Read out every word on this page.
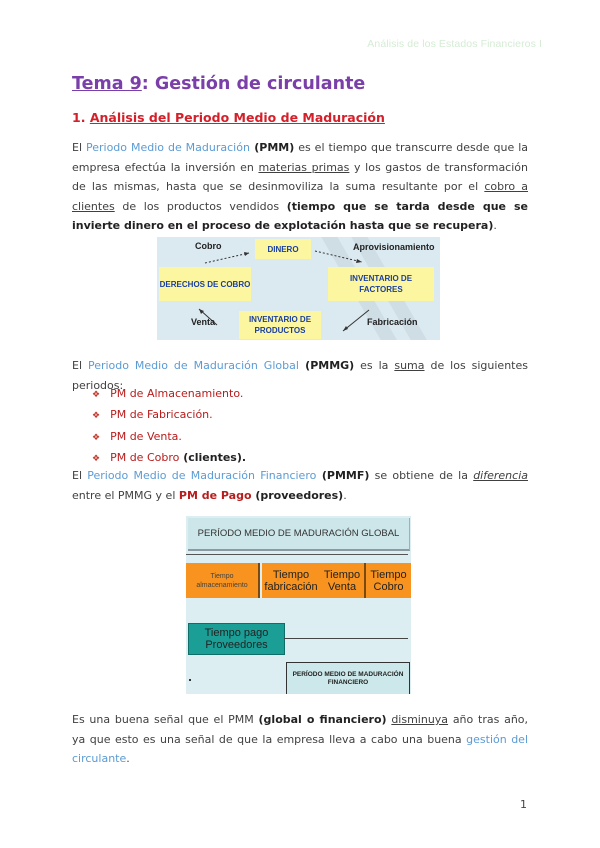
Análisis de los Estados Financieros I
Tema 9: Gestión de circulante
1. Análisis del Periodo Medio de Maduración

El Periodo Medio de Maduración (PMM) es el tiempo que transcurre desde que la empresa efectúa la inversión en materias primas y los gastos de transformación de las mismas, hasta que se desinmoviliza la suma resultante por el cobro a clientes de los productos vendidos (tiempo que se tarda desde que se invierte dinero en el proceso de explotación hasta que se recupera).

Cobro	Aprovisionamiento
Venta	Fabricación
DINERO
DERECHOS DE COBRO
INVENTARIO DE FACTORES
INVENTARIO DE PRODUCTOS

El Periodo Medio de Maduración Global (PMMG) es la suma de los siguientes periodos:

❖ PM de Almacenamiento.
❖ PM de Fabricación.
❖ PM de Venta.
❖ PM de Cobro (clientes).

El Periodo Medio de Maduración Financiero (PMMF) se obtiene de la diferencia entre el PMMG y el PM de Pago (proveedores).

PERÍODO MEDIO DE MADURACIÓN GLOBAL
Tiempo almacenamiento
Tiempo fabricación
Tiempo Venta
Tiempo Cobro
Tiempo pago Proveedores
PERÍODO MEDIO DE MADURACIÓN FINANCIERO

Es una buena señal que el PMM (global o financiero) disminuya año tras año, ya que esto es una señal de que la empresa lleva a cabo una buena gestión del circulante.

1
